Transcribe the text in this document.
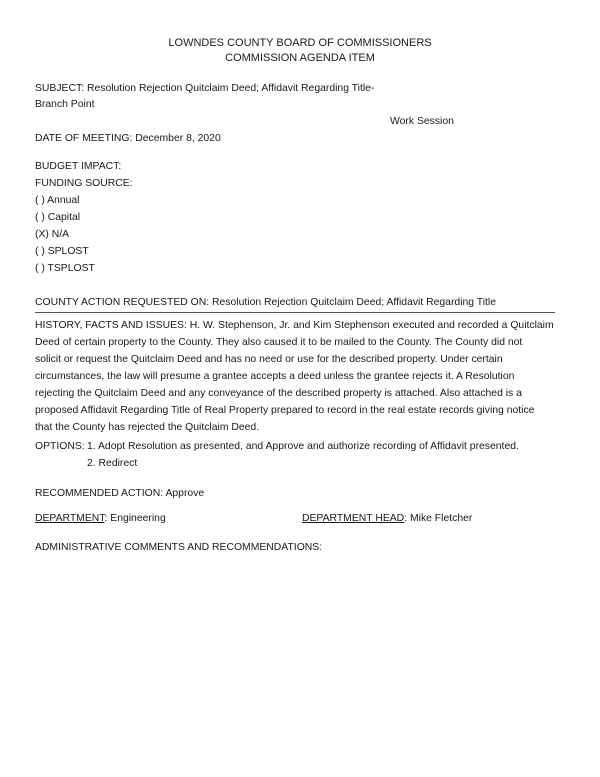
LOWNDES COUNTY BOARD OF COMMISSIONERS
COMMISSION AGENDA ITEM
SUBJECT: Resolution Rejection Quitclaim Deed; Affidavit Regarding Title-
Branch Point
Work Session
DATE OF MEETING: December 8, 2020
BUDGET IMPACT:
FUNDING SOURCE:
( ) Annual
( ) Capital
(X) N/A
( ) SPLOST
( ) TSPLOST
COUNTY ACTION REQUESTED ON: Resolution Rejection Quitclaim Deed; Affidavit Regarding Title
HISTORY, FACTS AND ISSUES: H. W. Stephenson, Jr. and Kim Stephenson executed and recorded a Quitclaim
Deed of certain property to the County. They also caused it to be mailed to the County. The County did not
solicit or request the Quitclaim Deed and has no need or use for the described property. Under certain
circumstances, the law will presume a grantee accepts a deed unless the grantee rejects it. A Resolution
rejecting the Quitclaim Deed and any conveyance of the described property is attached. Also attached is a
proposed Affidavit Regarding Title of Real Property prepared to record in the real estate records giving notice
that the County has rejected the Quitclaim Deed.
OPTIONS: 1. Adopt Resolution as presented, and Approve and authorize recording of Affidavit presented.
2. Redirect
RECOMMENDED ACTION: Approve
DEPARTMENT: Engineering	DEPARTMENT HEAD: Mike Fletcher
ADMINISTRATIVE COMMENTS AND RECOMMENDATIONS:
